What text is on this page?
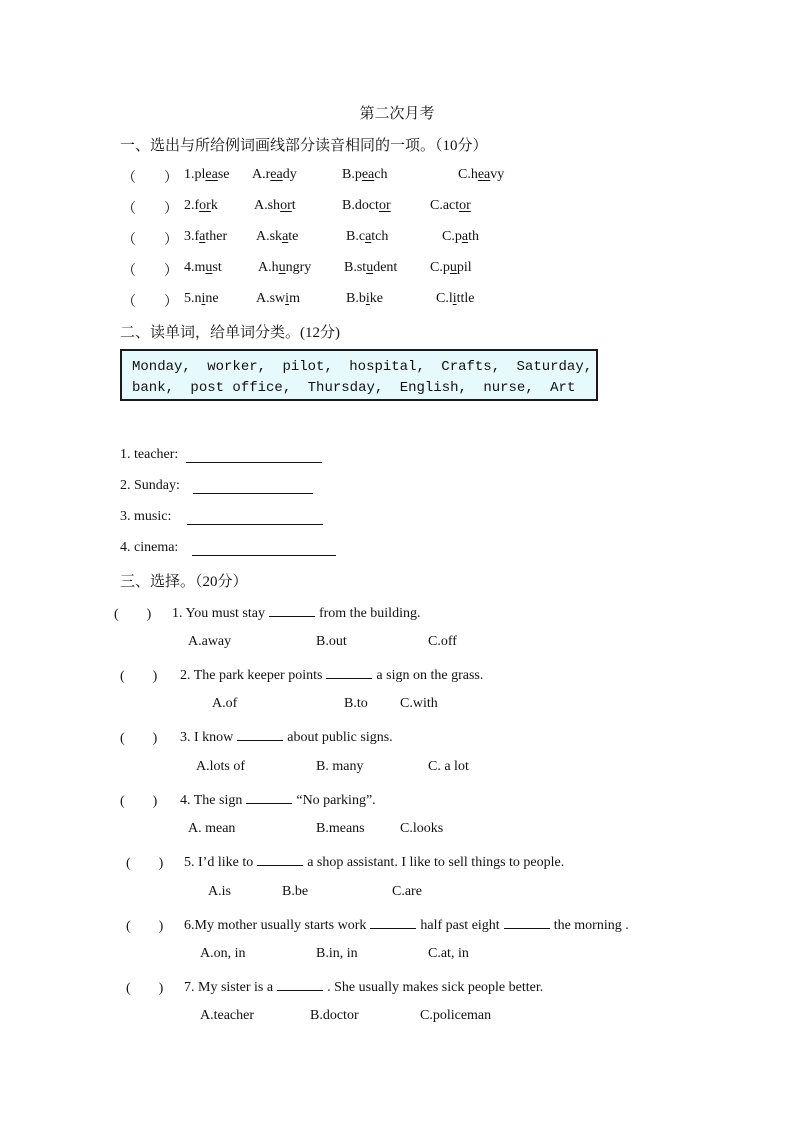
第二次月考
一、选出与所给例词画线部分读音相同的一项。（10分）
（　　） 1.please A.ready	B.peach	C.heavy
（　　） 2.fork	A.short	B.doctor	C.actor
（　　） 3.father A.skate	B.catch	C.path
（　　） 4.must	A.hungry B.student C.pupil
（　　） 5.nine	A.swim	B.bike	C.little
二、读单词，给单词分类。(12分)
Monday, worker, pilot, hospital, Crafts, Saturday,
bank, post office, Thursday, English, nurse, Art
1. teacher:
2. Sunday:
3. music:
4. cinema:
三、选择。（20分）
(　　) 1. You must stay	from the building.
A.away	B.out	C.off
(　　) 2. The park keeper points	a sign on the grass.
A.of	B.to C.with
(　　) 3. I know	about public signs.
A.lots of	B. many	C. a lot
(　　) 4. The sign	“No parking”.
A. mean	B.means	C.looks
(　　) 5. I’d like to	a shop assistant. I like to sell things to people.
A.is	B.be	C.are
(　　) 6.My mother usually starts work	half past eight	the morning .
A.on, in	B.in, in	C.at, in
(　　) 7. My sister is a	. She usually makes sick people better.
A.teacher	B.doctor	C.policeman
